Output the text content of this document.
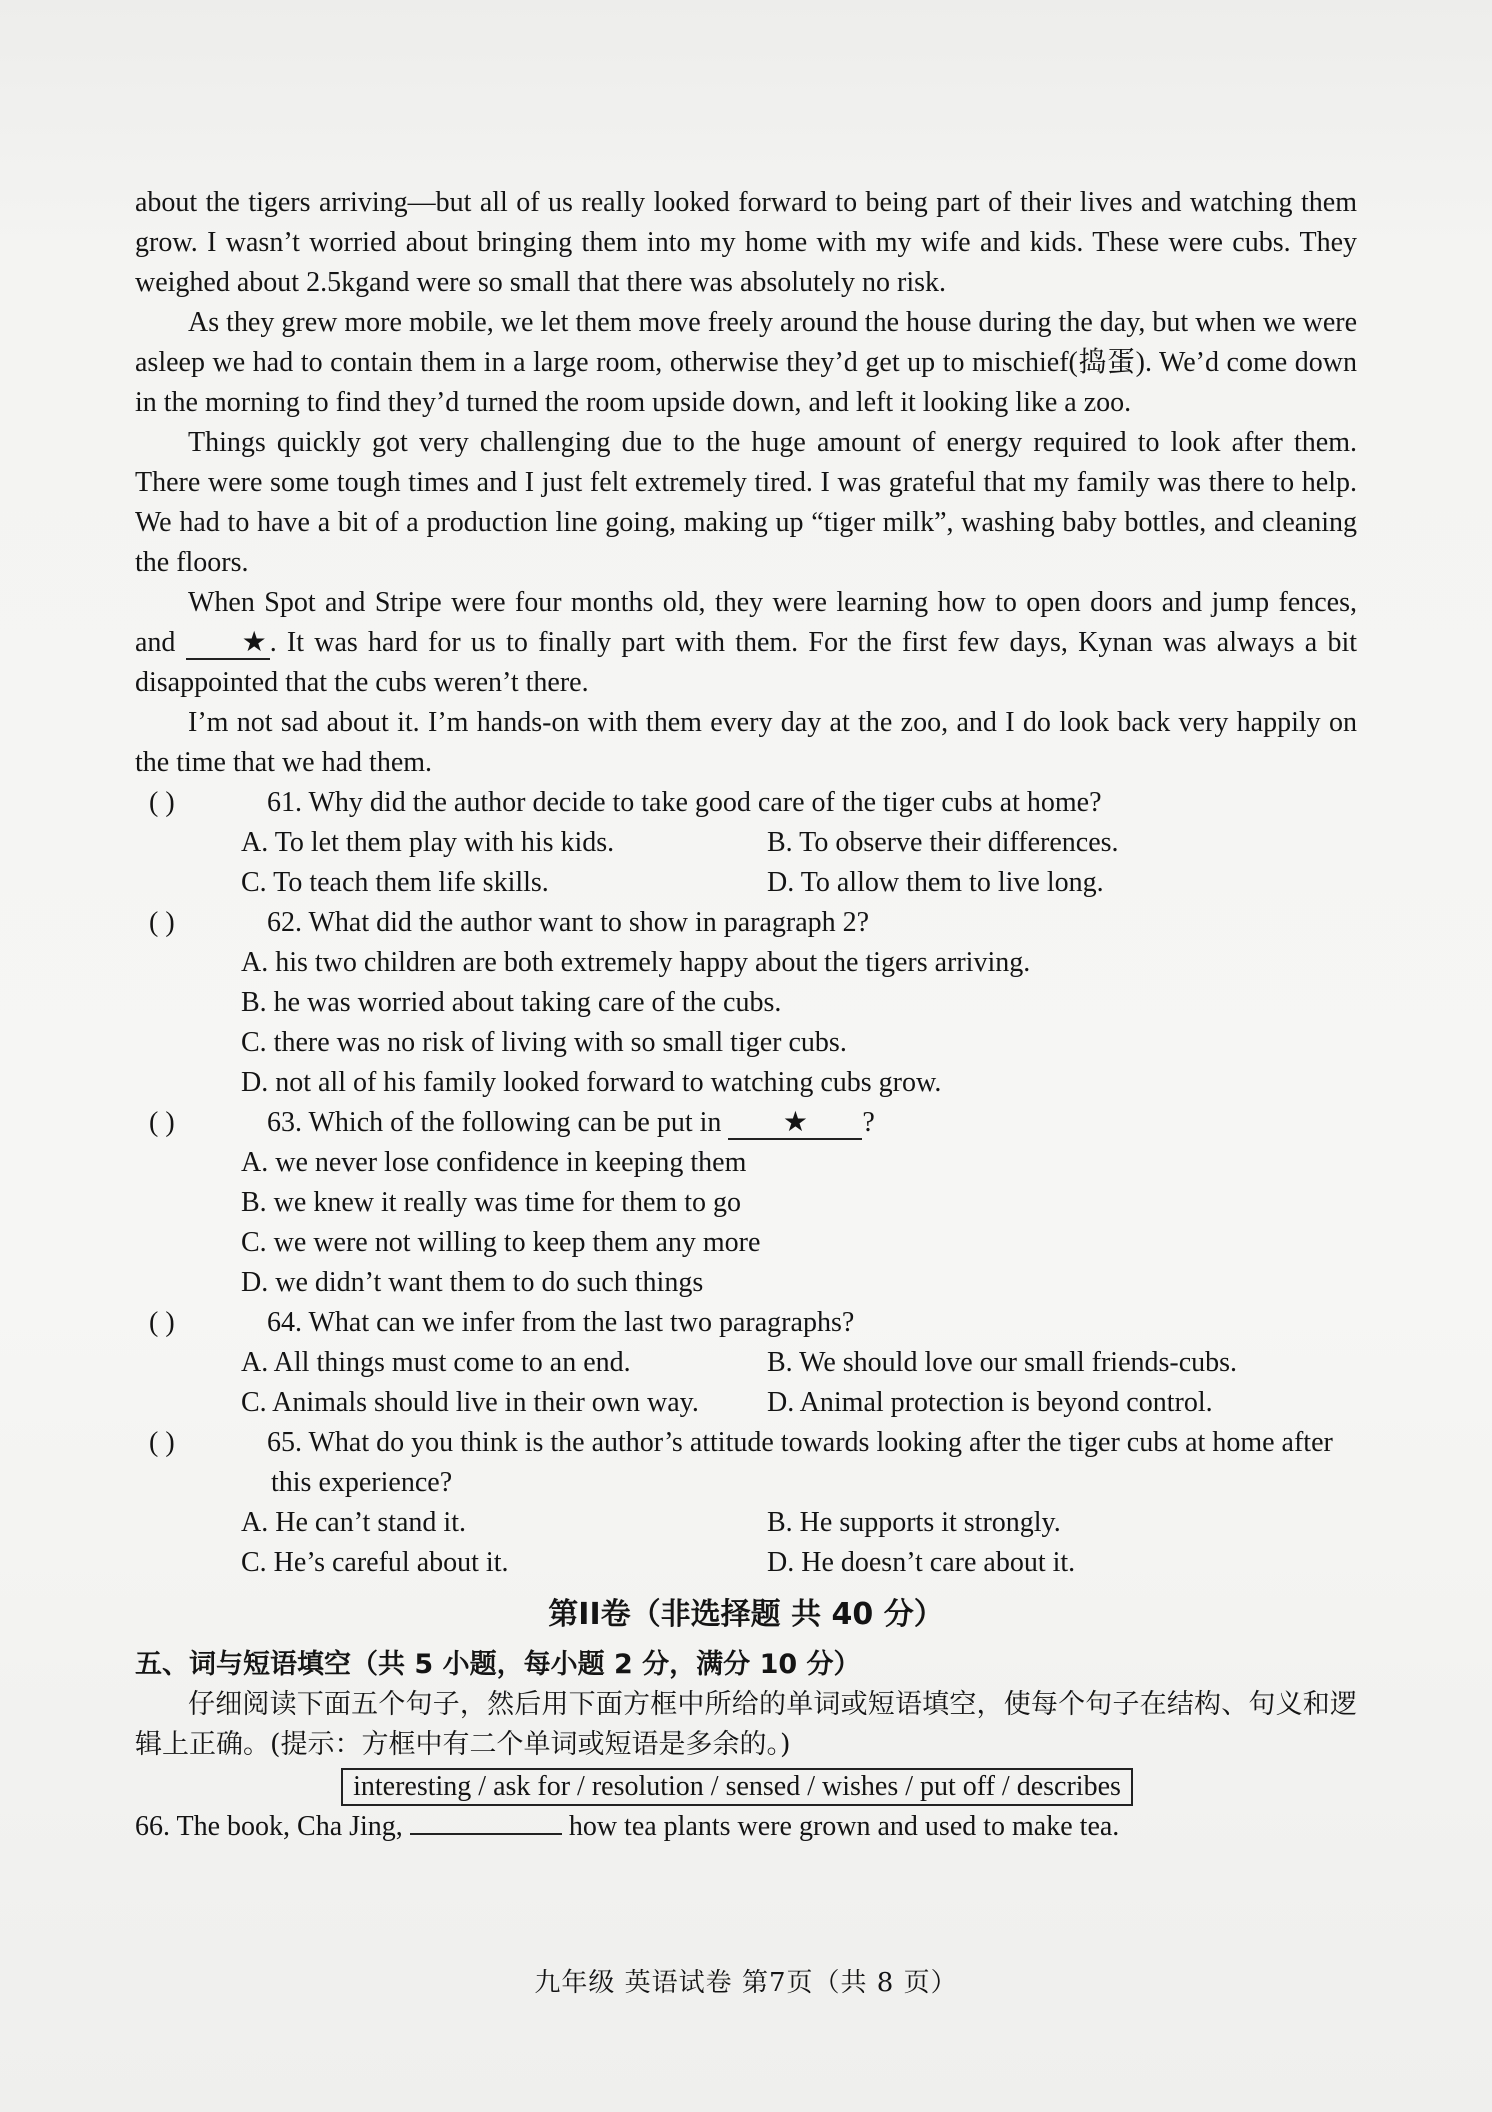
about the tigers arriving—but all of us really looked forward to being part of their lives and watching them grow. I wasn’t worried about bringing them into my home with my wife and kids. These were cubs. They weighed about 2.5kgand were so small that there was absolutely no risk.

As they grew more mobile, we let them move freely around the house during the day, but when we were asleep we had to contain them in a large room, otherwise they’d get up to mischief(捣蛋). We’d come down in the morning to find they’d turned the room upside down, and left it looking like a zoo.

Things quickly got very challenging due to the huge amount of energy required to look after them. There were some tough times and I just felt extremely tired. I was grateful that my family was there to help. We had to have a bit of a production line going, making up “tiger milk”, washing baby bottles, and cleaning the floors.

When Spot and Stripe were four months old, they were learning how to open doors and jump fences, and ★ . It was hard for us to finally part with them. For the first few days, Kynan was always a bit disappointed that the cubs weren’t there.

I’m not sad about it. I’m hands-on with them every day at the zoo, and I do look back very happily on the time that we had them.

( )	61. Why did the author decide to take good care of the tiger cubs at home?
A. To let them play with his kids.	B. To observe their differences.
C. To teach them life skills.	D. To allow them to live long.
( )	62. What did the author want to show in paragraph 2?
A. his two children are both extremely happy about the tigers arriving.
B. he was worried about taking care of the cubs.
C. there was no risk of living with so small tiger cubs.
D. not all of his family looked forward to watching cubs grow.
( )	63. Which of the following can be put in ★ ?
A. we never lose confidence in keeping them
B. we knew it really was time for them to go
C. we were not willing to keep them any more
D. we didn’t want them to do such things
( )	64. What can we infer from the last two paragraphs?
A. All things must come to an end.	B. We should love our small friends-cubs.
C. Animals should live in their own way.	D. Animal protection is beyond control.
( )	65. What do you think is the author’s attitude towards looking after the tiger cubs at home after
this experience?
A. He can’t stand it.	B. He supports it strongly.
C. He’s careful about it.	D. He doesn’t care about it.
第II卷（非选择题 共 40 分）
五、词与短语填空（共 5 小题，每小题 2 分，满分 10 分）

仔细阅读下面五个句子，然后用下面方框中所给的单词或短语填空，使每个句子在结构、句义和逻辑上正确。(提示：方框中有二个单词或短语是多余的。)

interesting / ask for / resolution / sensed / wishes / put off / describes

66. The book, Cha Jing,	how tea plants were grown and used to make tea.

九年级 英语试卷 第7页（共 8 页）
